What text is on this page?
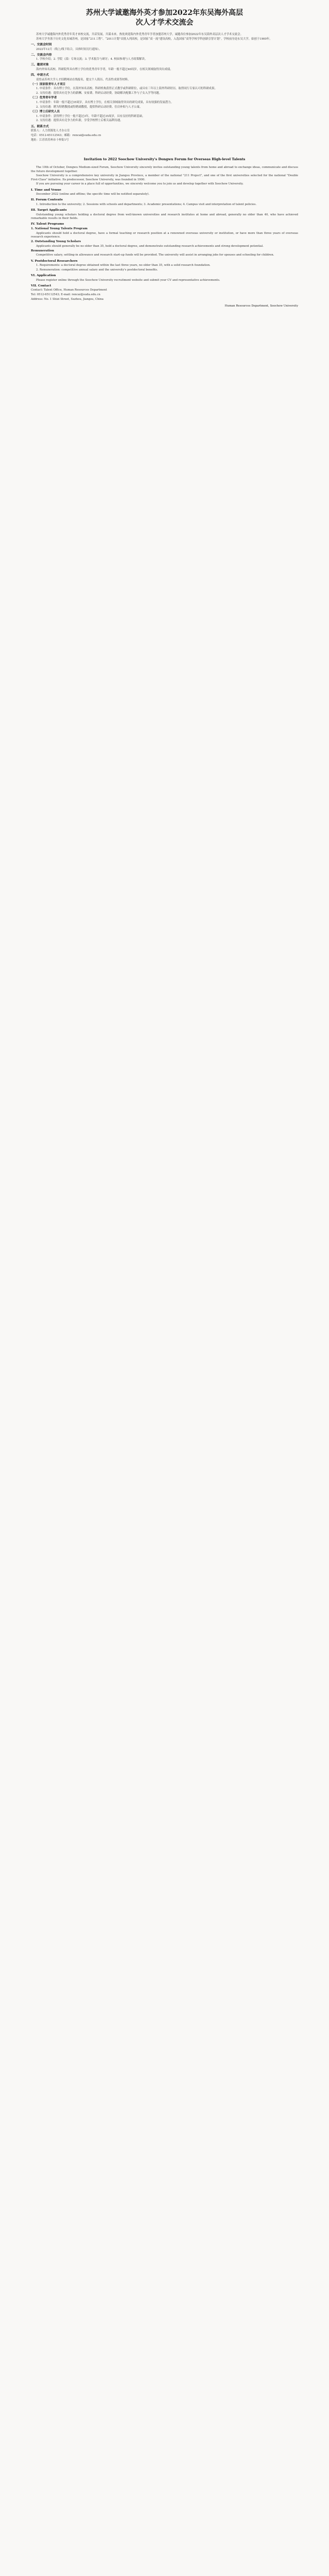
苏州大学诚邀海外英才参加2022年东吴海外高层
次人才学术交流会

苏州大学诚邀海内外优秀青年英才来校交流，共话发展，共谋未来。热忱欢迎海内外优秀青年学者加盟苏州大学，诚邀各位参加2022年东吴海外高层次人才学术交流会。

苏州大学坐落于历史文化名城苏州，是国家“211工程”、“2011计划”首批入列高校，是国家“双一流”建设高校，入选国家“高等学校学科创新引智计划”。学校前身是东吴大学，始创于1900年。

一、交流会时间

2022年12月（线上/线下结合，具体时间另行通知）。

二、交流会内容

1. 学校介绍；2. 学院（部）专场交流；3. 学术报告与研讨；4. 校园参观与人才政策解读。

三、邀请对象

海内外知名高校、科研院所具有博士学位的优秀青年学者，年龄一般不超过40周岁，在相关领域取得突出成绩。

四、申请方式

请登录苏州大学人才招聘网站在线报名，提交个人简历、代表性成果等材料。

（一）国家级青年人才项目

1. 申请条件：具有博士学位，在海外知名高校、科研机构获得正式教学或科研职位，或具有三年以上海外科研经历，取得同行专家认可的科研成果。

2. 支持待遇：提供具有竞争力的薪酬、安家费、科研启动经费，协助解决配偶工作与子女入学等问题。

（二）优秀青年学者

1. 申请条件：年龄一般不超过35周岁，具有博士学位，在相关领域取得突出的研究成果，具有较强的发展潜力。

2. 支持待遇：聘为特聘教授或特聘副教授，提供科研启动经费、住房补贴与人才公寓。

（三）博士后研究人员

1. 申请条件：获得博士学位一般不超过3年，年龄不超过35周岁，具有良好的科研基础。

2. 支持待遇：提供具有竞争力的年薪，享受学校博士后相关福利待遇。

五、联系方式

联系人：人力资源处人才办公室

电话：0512-65112543；邮箱：rencai@suda.edu.cn

地址：江苏省苏州市十梓街1号

Invitation to 2022 Soochow University's Dongwu Forum for Overseas High-level Talents

The 10th of October, Dongwu Medium-sized Forum, Soochow University sincerely invites outstanding young talents from home and abroad to exchange ideas, communicate and discuss the future development together.

Soochow University is a comprehensive key university in Jiangsu Province, a member of the national "211 Project", and one of the first universities selected for the national "Double First-Class" initiative. Its predecessor, Soochow University, was founded in 1900.

If you are pursuing your career in a place full of opportunities, we sincerely welcome you to join us and develop together with Soochow University.

I. Time and Venue

December 2022 (online and offline; the specific time will be notified separately).

II. Forum Contents

1. Introduction to the university; 2. Sessions with schools and departments; 3. Academic presentations; 4. Campus visit and interpretation of talent policies.

III. Target Applicants

Outstanding young scholars holding a doctoral degree from well-known universities and research institutes at home and abroad, generally no older than 40, who have achieved remarkable results in their fields.

IV. Talent Programs
1. National Young Talents Program

Applicants should hold a doctoral degree, have a formal teaching or research position at a renowned overseas university or institution, or have more than three years of overseas research experience.

2. Outstanding Young Scholars

Applicants should generally be no older than 35, hold a doctoral degree, and demonstrate outstanding research achievements and strong development potential.

Remuneration

Competitive salary, settling-in allowance and research start-up funds will be provided. The university will assist in arranging jobs for spouses and schooling for children.

V. Postdoctoral Researchers

1. Requirements: a doctoral degree obtained within the last three years, no older than 35, with a solid research foundation.

2. Remuneration: competitive annual salary and the university's postdoctoral benefits.

VI. Application

Please register online through the Soochow University recruitment website and submit your CV and representative achievements.

VII. Contact

Contact: Talent Office, Human Resources Department

Tel: 0512-65112543; E-mail: rencai@suda.edu.cn

Address: No. 1 Shizi Street, Suzhou, Jiangsu, China

Human Resources Department, Soochow University
